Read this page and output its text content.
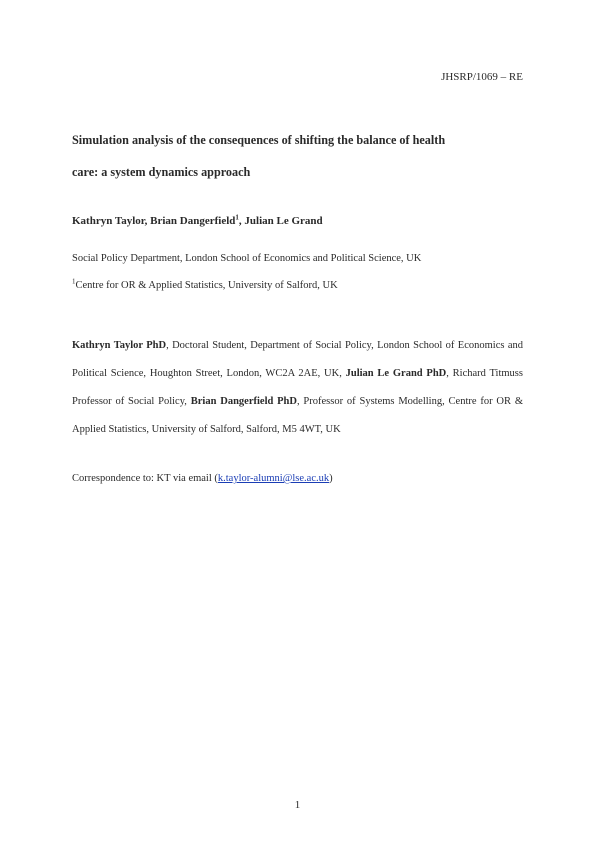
JHSRP/1069 – RE
Simulation analysis of the consequences of shifting the balance of health
care: a system dynamics approach
Kathryn Taylor, Brian Dangerfield$^1$, Julian Le Grand
Social Policy Department, London School of Economics and Political Science, UK
$^1$Centre for OR & Applied Statistics, University of Salford, UK
Kathryn Taylor PhD, Doctoral Student, Department of Social Policy, London School of Economics and Political Science, Houghton Street, London, WC2A 2AE, UK, Julian Le Grand PhD, Richard Titmuss Professor of Social Policy, Brian Dangerfield PhD, Professor of Systems Modelling, Centre for OR & Applied Statistics, University of Salford, Salford, M5 4WT, UK
Correspondence to: KT via email (k.taylor-alumni@lse.ac.uk)
1
